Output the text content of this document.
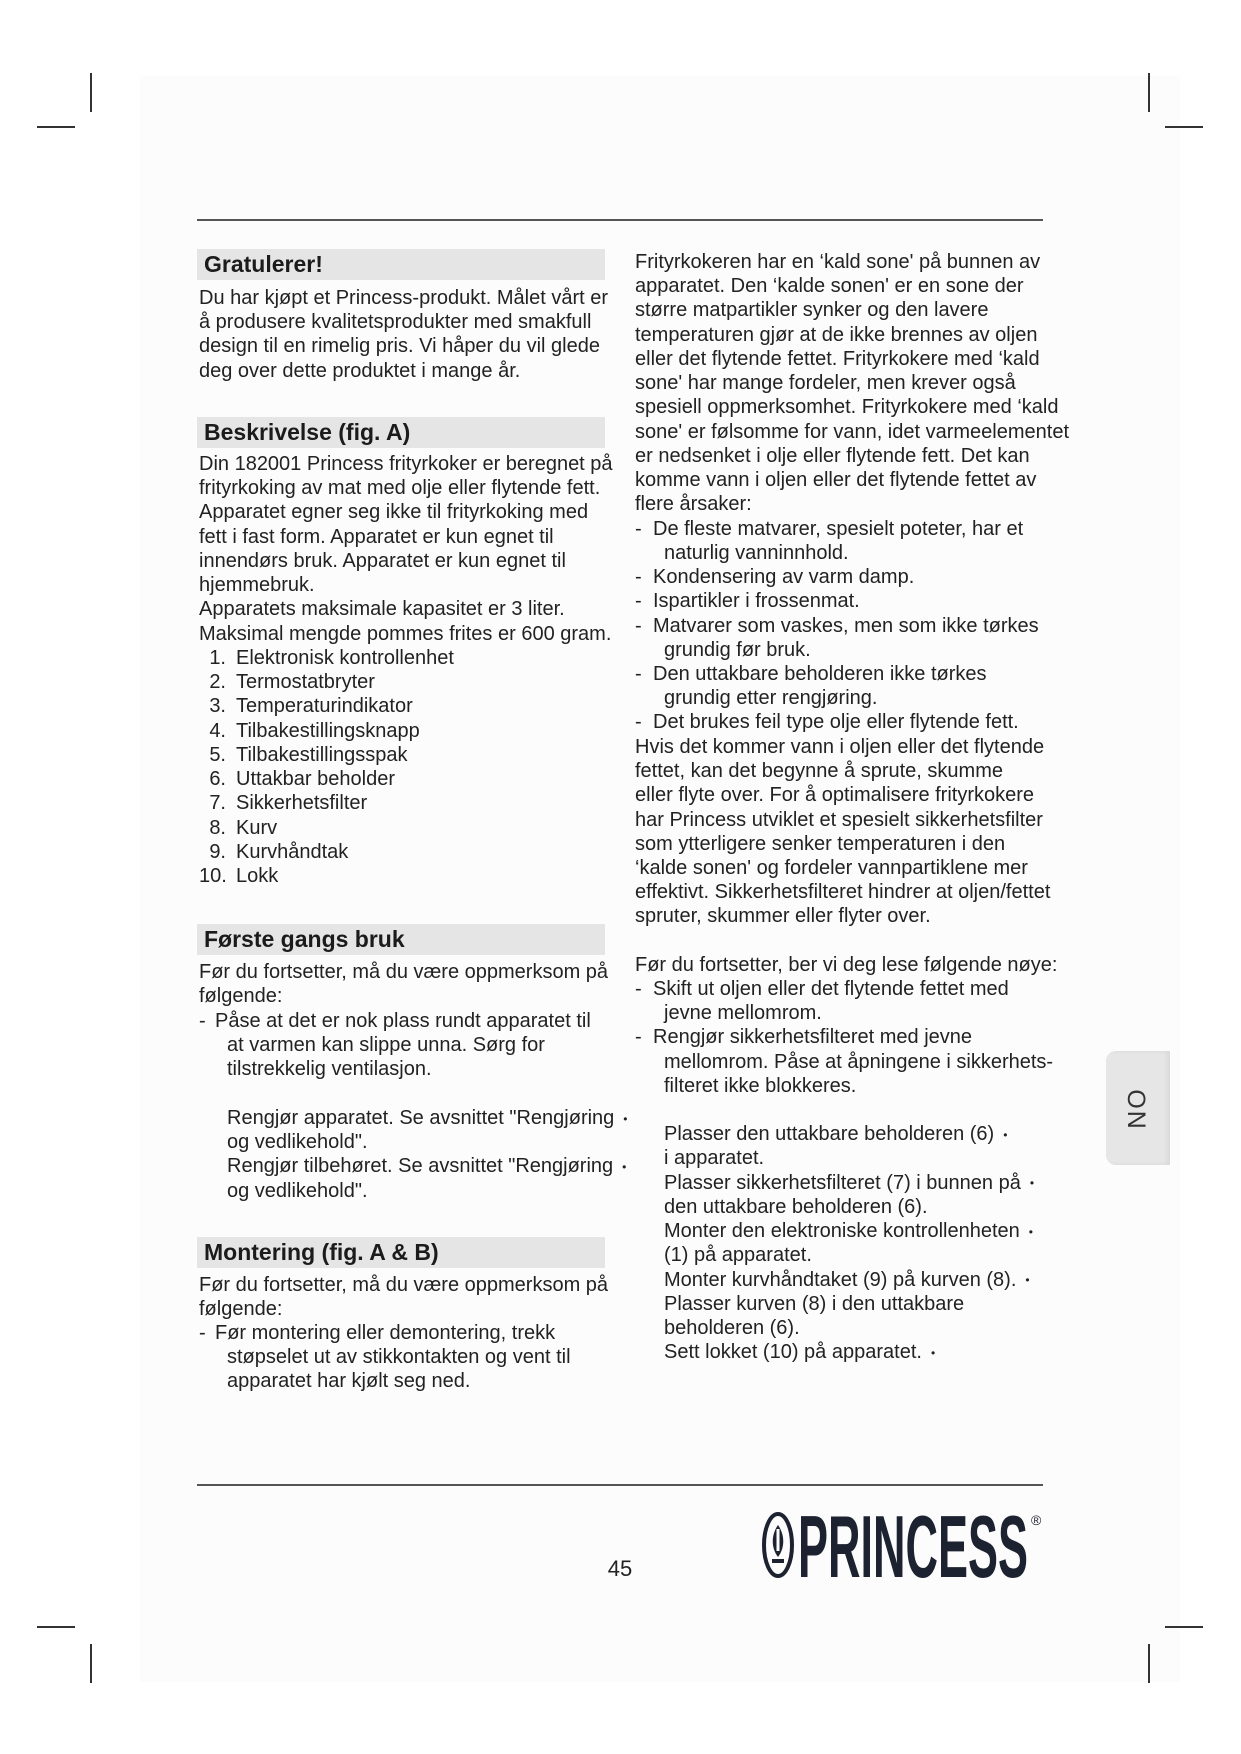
Gratulerer!
Du har kjøpt et Princess-produkt. Målet vårt er
å produsere kvalitetsprodukter med smakfull
design til en rimelig pris. Vi håper du vil glede
deg over dette produktet i mange år.
Beskrivelse (fig. A)
Din 182001 Princess frityrkoker er beregnet på
frityrkoking av mat med olje eller flytende fett.
Apparatet egner seg ikke til frityrkoking med
fett i fast form. Apparatet er kun egnet til
innendørs bruk. Apparatet er kun egnet til
hjemmebruk.
Apparatets maksimale kapasitet er 3 liter.
Maksimal mengde pommes frites er 600 gram.
1. Elektronisk kontrollenhet
2. Termostatbryter
3. Temperaturindikator
4. Tilbakestillingsknapp
5. Tilbakestillingsspak
6. Uttakbar beholder
7. Sikkerhetsfilter
8. Kurv
9. Kurvhåndtak
10. Lokk
Første gangs bruk
Før du fortsetter, må du være oppmerksom på
følgende:
- Påse at det er nok plass rundt apparatet til
at varmen kan slippe unna. Sørg for
tilstrekkelig ventilasjon.
Rengjør apparatet. Se avsnittet "Rengjøring •
og vedlikehold".
Rengjør tilbehøret. Se avsnittet "Rengjøring •
og vedlikehold".
Montering (fig. A & B)
Før du fortsetter, må du være oppmerksom på
følgende:
- Før montering eller demontering, trekk
støpselet ut av stikkontakten og vent til
apparatet har kjølt seg ned.
Frityrkokeren har en ‘kald sone' på bunnen av
apparatet. Den ‘kalde sonen' er en sone der
større matpartikler synker og den lavere
temperaturen gjør at de ikke brennes av oljen
eller det flytende fettet. Frityrkokere med ‘kald
sone' har mange fordeler, men krever også
spesiell oppmerksomhet. Frityrkokere med ‘kald
sone' er følsomme for vann, idet varmeelementet
er nedsenket i olje eller flytende fett. Det kan
komme vann i oljen eller det flytende fettet av
flere årsaker:
- De fleste matvarer, spesielt poteter, har et
naturlig vanninnhold.
- Kondensering av varm damp.
- Ispartikler i frossenmat.
- Matvarer som vaskes, men som ikke tørkes
grundig før bruk.
- Den uttakbare beholderen ikke tørkes
grundig etter rengjøring.
- Det brukes feil type olje eller flytende fett.
Hvis det kommer vann i oljen eller det flytende
fettet, kan det begynne å sprute, skumme
eller flyte over. For å optimalisere frityrkokere
har Princess utviklet et spesielt sikkerhetsfilter
som ytterligere senker temperaturen i den
‘kalde sonen' og fordeler vannpartiklene mer
effektivt. Sikkerhetsfilteret hindrer at oljen/fettet
spruter, skummer eller flyter over.
Før du fortsetter, ber vi deg lese følgende nøye:
- Skift ut oljen eller det flytende fettet med
jevne mellomrom.
- Rengjør sikkerhetsfilteret med jevne
mellomrom. Påse at åpningene i sikkerhets-
filteret ikke blokkeres.
Plasser den uttakbare beholderen (6) •
i apparatet.
Plasser sikkerhetsfilteret (7) i bunnen på •
den uttakbare beholderen (6).
Monter den elektroniske kontrollenheten •
(1) på apparatet.
Monter kurvhåndtaket (9) på kurven (8). •
Plasser kurven (8) i den uttakbare
beholderen (6).
Sett lokket (10) på apparatet. •
NO
45 PRINCESS ®
